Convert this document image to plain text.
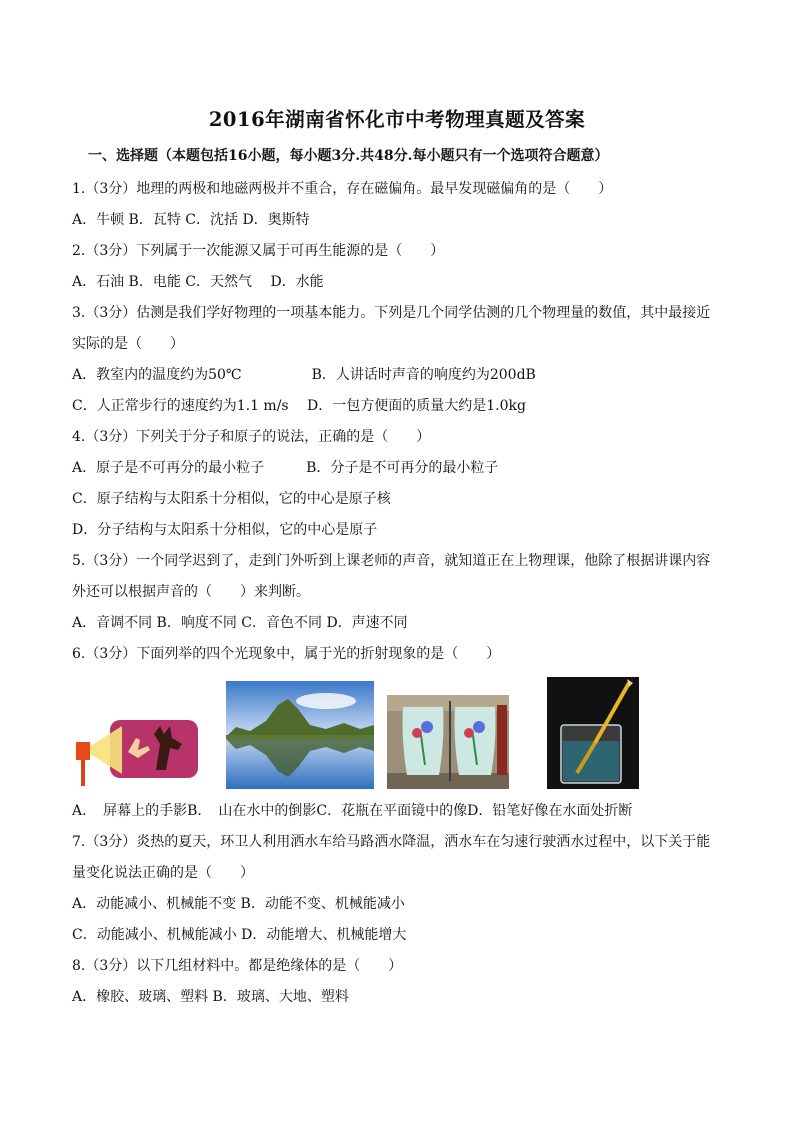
2016年湖南省怀化市中考物理真题及答案
一、选择题（本题包括16小题，每小题3分.共48分.每小题只有一个选项符合题意）
1.（3分）地理的两极和地磁两极并不重合，存在磁偏角。最早发现磁偏角的是（　　）
A．牛顿 B．瓦特 C．沈括 D．奥斯特
2.（3分）下列属于一次能源又属于可再生能源的是（　　）
A．石油 B．电能 C．天然气　 D．水能
3.（3分）估测是我们学好物理的一项基本能力。下列是几个同学估测的几个物理量的数值，其中最接近
实际的是（　　）
A．教室内的温度约为50℃　　　　　B．人讲话时声音的响度约为200dB
C．人正常步行的速度约为1.1 m/s　 D．一包方便面的质量大约是1.0kg
4.（3分）下列关于分子和原子的说法，正确的是（　　）
A．原子是不可再分的最小粒子　　　B．分子是不可再分的最小粒子
C．原子结构与太阳系十分相似，它的中心是原子核
D．分子结构与太阳系十分相似，它的中心是原子
5.（3分）一个同学迟到了，走到门外听到上课老师的声音，就知道正在上物理课，他除了根据讲课内容
外还可以根据声音的（　　）来判断。
A．音调不同 B．响度不同 C．音色不同 D．声速不同
6.（3分）下面列举的四个光现象中，属于光的折射现象的是（　　）
A．　屏幕上的手影B．　山在水中的倒影C．花瓶在平面镜中的像D．铅笔好像在水面处折断
7.（3分）炎热的夏天，环卫人利用洒水车给马路洒水降温，洒水车在匀速行驶洒水过程中，以下关于能
量变化说法正确的是（　　）
A．动能减小、机械能不变 B．动能不变、机械能减小
C．动能减小、机械能减小 D．动能增大、机械能增大
8.（3分）以下几组材料中。都是绝缘体的是（　　）
A．橡胶、玻璃、塑料 B．玻璃、大地、塑料
